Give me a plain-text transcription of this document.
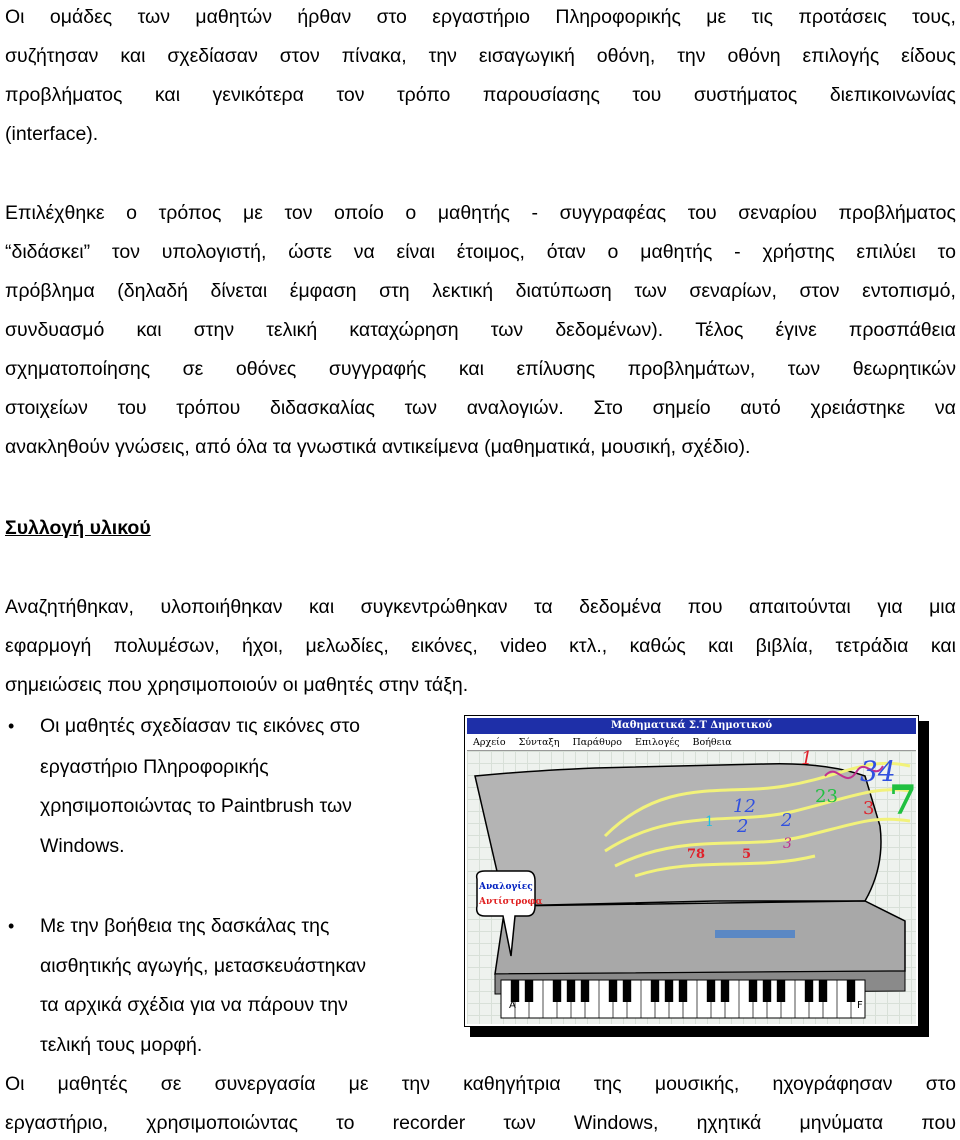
Οι ομάδες των μαθητών ήρθαν στο εργαστήριο Πληροφορικής με τις προτάσεις τους,
συζήτησαν και σχεδίασαν στον πίνακα, την εισαγωγική οθόνη, την οθόνη επιλογής είδους
προβλήματος και γενικότερα τον τρόπο παρουσίασης του συστήματος διεπικοινωνίας
(interface).
Επιλέχθηκε ο τρόπος με τον οποίο ο μαθητής - συγγραφέας του σεναρίου προβλήματος
“διδάσκει” τον υπολογιστή, ώστε να είναι έτοιμος, όταν ο μαθητής - χρήστης επιλύει το
πρόβλημα (δηλαδή δίνεται έμφαση στη λεκτική διατύπωση των σεναρίων, στον εντοπισμό,
συνδυασμό και στην τελική καταχώρηση των δεδομένων). Τέλος έγινε προσπάθεια
σχηματοποίησης σε οθόνες συγγραφής και επίλυσης προβλημάτων, των θεωρητικών
στοιχείων του τρόπου διδασκαλίας των αναλογιών. Στο σημείο αυτό χρειάστηκε να
ανακληθούν γνώσεις, από όλα τα γνωστικά αντικείμενα (μαθηματικά, μουσική, σχέδιο).
Συλλογή υλικού
Αναζητήθηκαν, υλοποιήθηκαν και συγκεντρώθηκαν τα δεδομένα που απαιτούνται για μια
εφαρμογή πολυμέσων, ήχοι, μελωδίες, εικόνες, video κτλ., καθώς και βιβλία, τετράδια και
σημειώσεις που χρησιμοποιούν οι μαθητές στην τάξη.
• Οι μαθητές σχεδίασαν τις εικόνες στο
εργαστήριο Πληροφορικής
χρησιμοποιώντας το Paintbrush των
Windows.
• Με την βοήθεια της δασκάλας της
αισθητικής αγωγής, μετασκευάστηκαν
τα αρχικά σχέδια για να πάρουν την
τελική τους μορφή.
Οι μαθητές σε συνεργασία με την καθηγήτρια της μουσικής, ηχογράφησαν στο
εργαστήριο, χρησιμοποιώντας το recorder των Windows, ηχητικά μηνύματα που
Μαθηματικά Σ.Τ Δημοτικού
Αρχείο Σύνταξη Παράθυρο Επιλογές Βοήθεια
Αναλογίες
Αντίστροφα
1 34
7
23
3
12
2 2
1
3
78	5
A	F
